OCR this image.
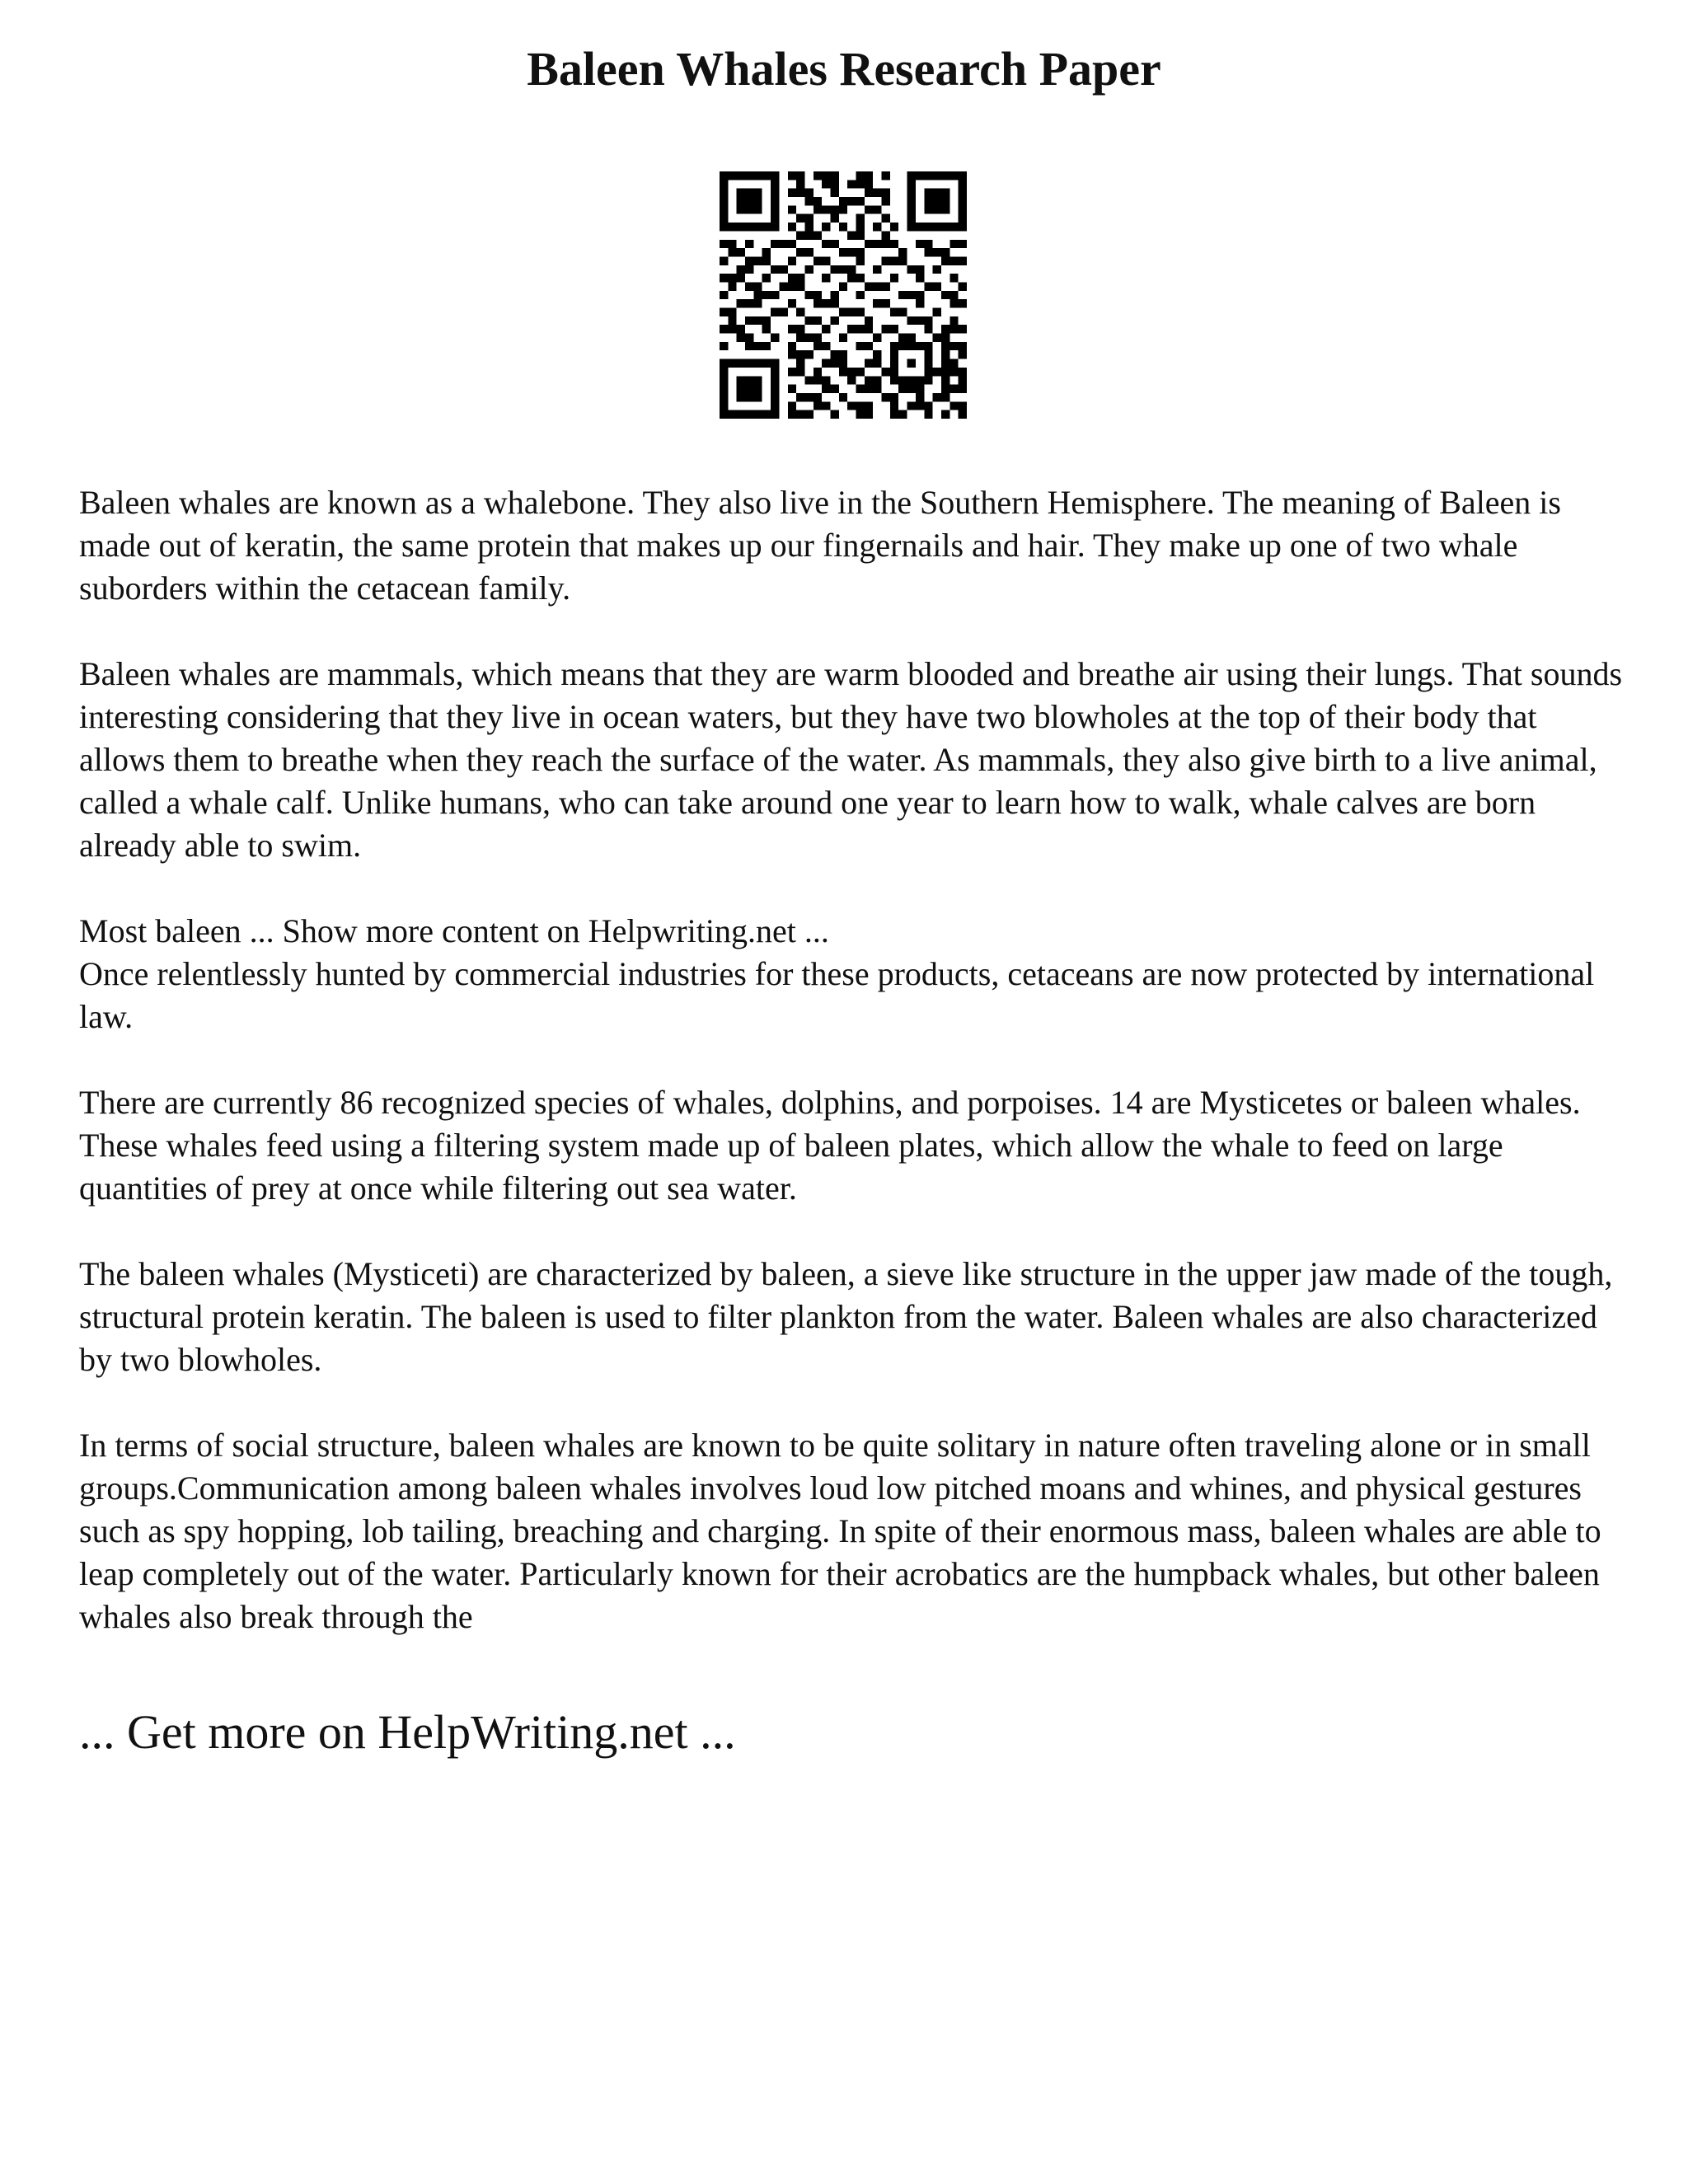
Baleen Whales Research Paper

Baleen whales are known as a whalebone. They also live in the Southern Hemisphere. The meaning of Baleen is made out of keratin, the same protein that makes up our fingernails and hair. They make up one of two whale suborders within the cetacean family.

Baleen whales are mammals, which means that they are warm blooded and breathe air using their lungs. That sounds interesting considering that they live in ocean waters, but they have two blowholes at the top of their body that allows them to breathe when they reach the surface of the water. As mammals, they also give birth to a live animal, called a whale calf. Unlike humans, who can take around one year to learn how to walk, whale calves are born already able to swim.

Most baleen ... Show more content on Helpwriting.net ...

Once relentlessly hunted by commercial industries for these products, cetaceans are now protected by international law.

There are currently 86 recognized species of whales, dolphins, and porpoises. 14 are Mysticetes or baleen whales. These whales feed using a filtering system made up of baleen plates, which allow the whale to feed on large quantities of prey at once while filtering out sea water.

The baleen whales (Mysticeti) are characterized by baleen, a sieve like structure in the upper jaw made of the tough, structural protein keratin. The baleen is used to filter plankton from the water. Baleen whales are also characterized by two blowholes.

In terms of social structure, baleen whales are known to be quite solitary in nature often traveling alone or in small groups.Communication among baleen whales involves loud low pitched moans and whines, and physical gestures such as spy hopping, lob tailing, breaching and charging. In spite of their enormous mass, baleen whales are able to leap completely out of the water. Particularly known for their acrobatics are the humpback whales, but other baleen whales also break through the

... Get more on HelpWriting.net ...
